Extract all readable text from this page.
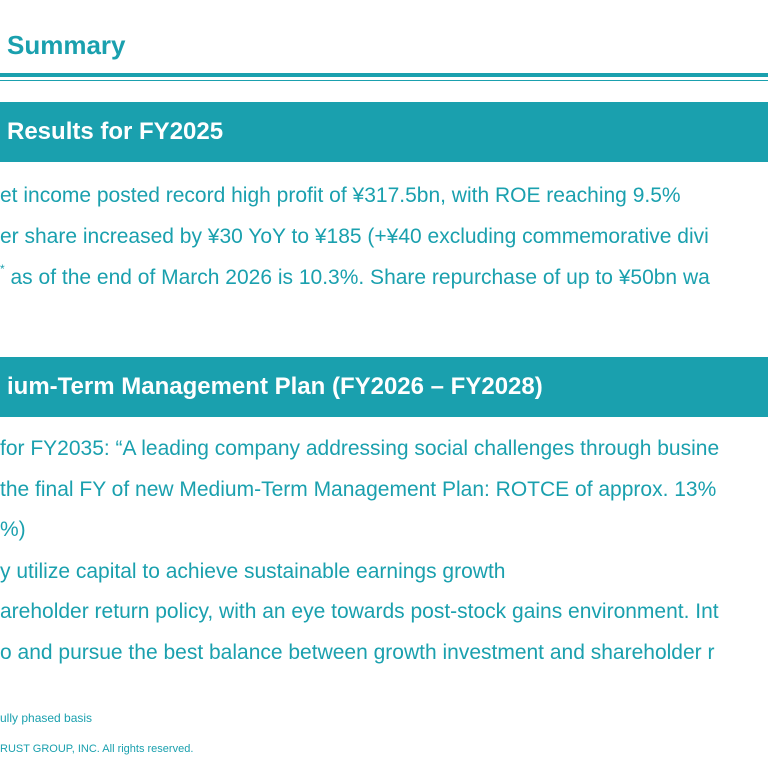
Summary
Results for FY2025
et income posted record high profit of ¥317.5bn, with ROE reaching 9.5%
er share increased by ¥30 YoY to ¥185 (+¥40 excluding commemorative divi
* as of the end of March 2026 is 10.3%. Share repurchase of up to ¥50bn wa
ium-Term Management Plan (FY2026 – FY2028)
for FY2035: “A leading company addressing social challenges through busine
the final FY of new Medium-Term Management Plan: ROTCE of approx. 13%
%)
y utilize capital to achieve sustainable earnings growth
areholder return policy, with an eye towards post-stock gains environment. Int
o and pursue the best balance between growth investment and shareholder r
ully phased basis
RUST GROUP, INC. All rights reserved.
